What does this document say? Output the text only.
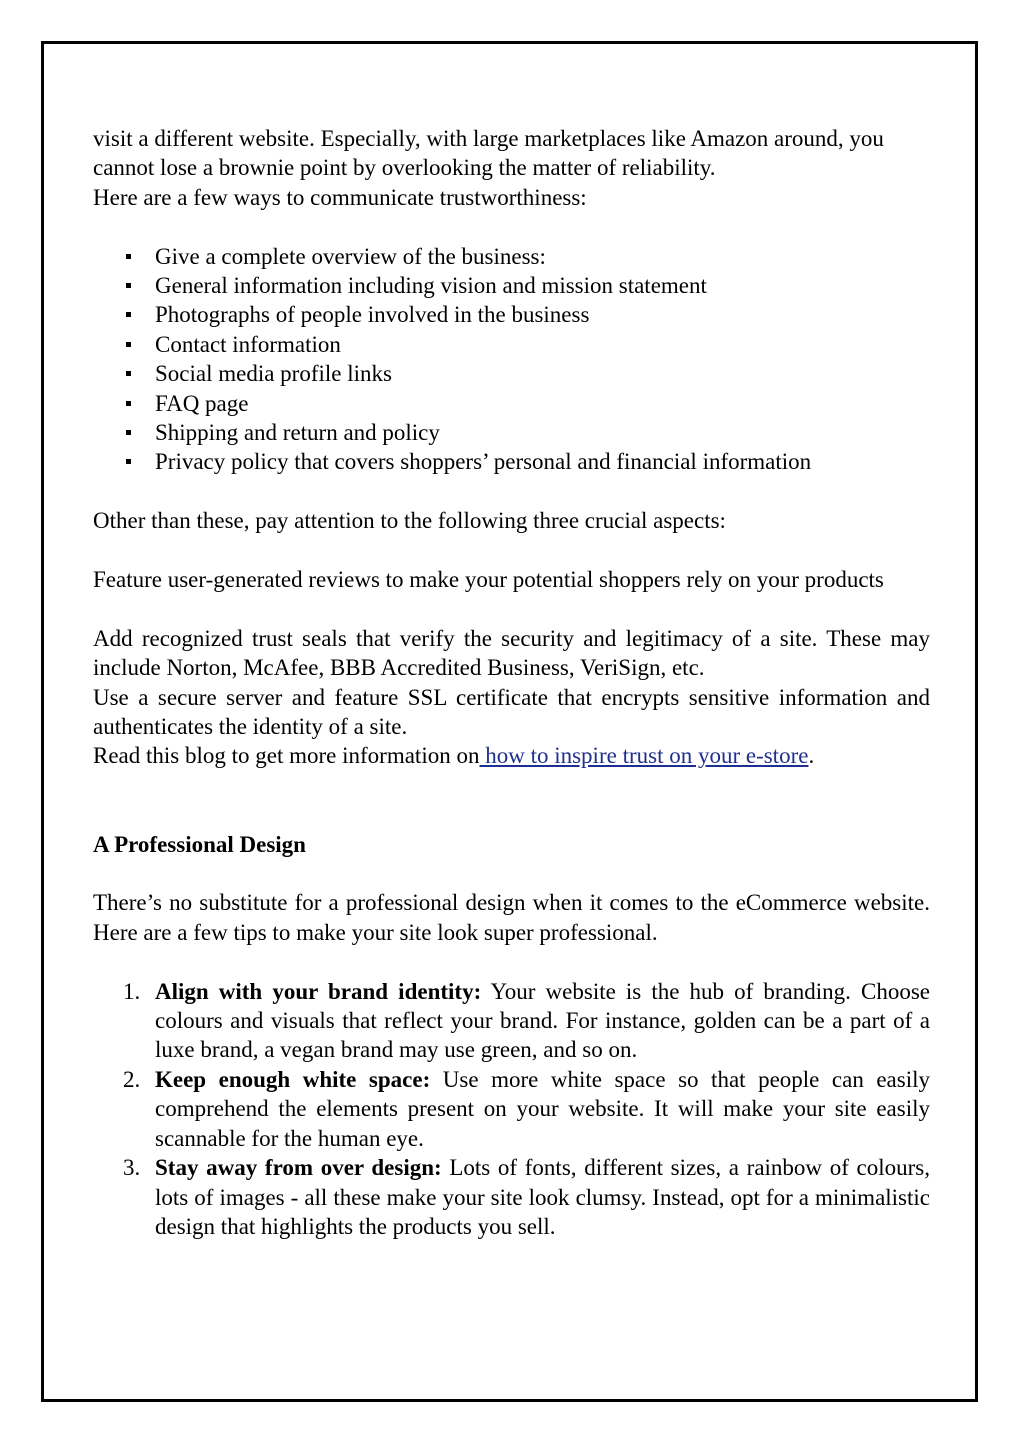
visit a different website. Especially, with large marketplaces like Amazon around, you cannot lose a brownie point by overlooking the matter of reliability.

Here are a few ways to communicate trustworthiness:

Give a complete overview of the business:
General information including vision and mission statement
Photographs of people involved in the business
Contact information
Social media profile links
FAQ page
Shipping and return and policy
Privacy policy that covers shoppers’ personal and financial information

Other than these, pay attention to the following three crucial aspects:

Feature user-generated reviews to make your potential shoppers rely on your products

Add recognized trust seals that verify the security and legitimacy of a site. These may include Norton, McAfee, BBB Accredited Business, VeriSign, etc.

Use a secure server and feature SSL certificate that encrypts sensitive information and authenticates the identity of a site.

Read this blog to get more information on how to inspire trust on your e-store.

A Professional Design

There’s no substitute for a professional design when it comes to the eCommerce website. Here are a few tips to make your site look super professional.

1. Align with your brand identity: Your website is the hub of branding. Choose colours and visuals that reflect your brand. For instance, golden can be a part of a luxe brand, a vegan brand may use green, and so on.
2. Keep enough white space: Use more white space so that people can easily comprehend the elements present on your website. It will make your site easily scannable for the human eye.
3. Stay away from over design: Lots of fonts, different sizes, a rainbow of colours, lots of images - all these make your site look clumsy. Instead, opt for a minimalistic design that highlights the products you sell.
